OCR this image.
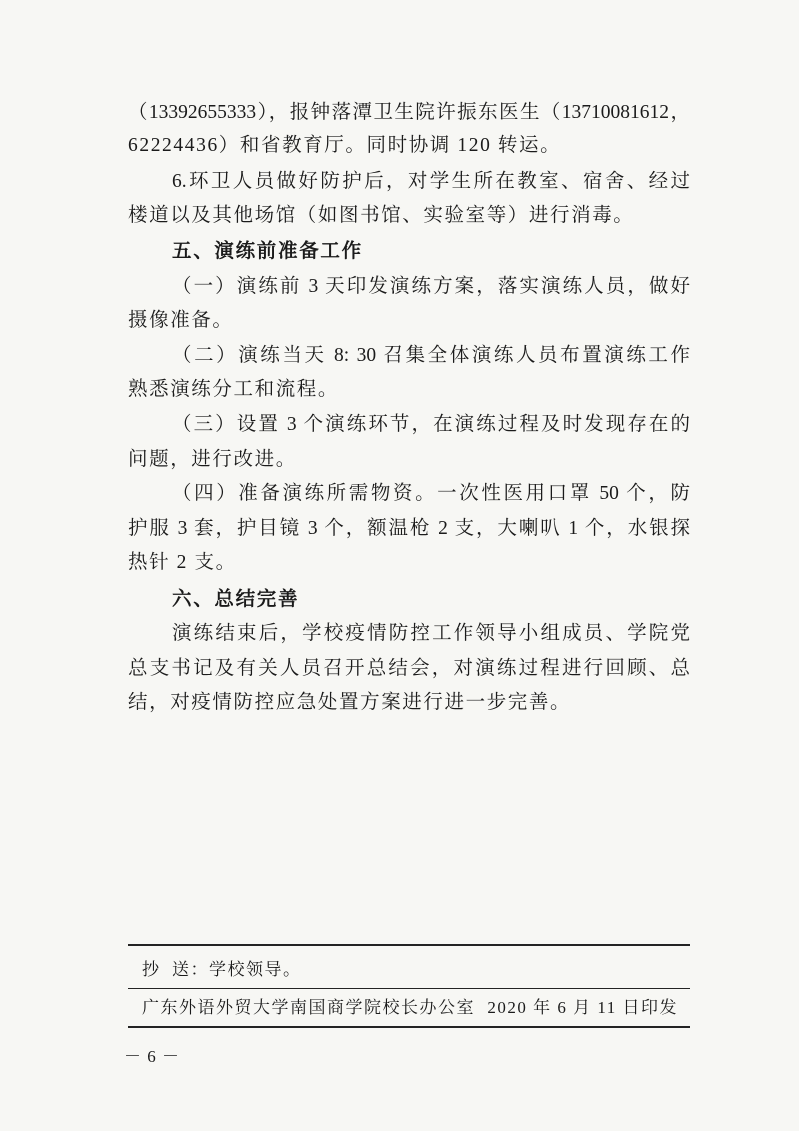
（13392655333），报钟落潭卫生院许振东医生（13710081612，

62224436）和省教育厅。同时协调 120 转运。

6.环卫人员做好防护后，对学生所在教室、宿舍、经过

楼道以及其他场馆（如图书馆、实验室等）进行消毒。

五、演练前准备工作

（一）演练前 3 天印发演练方案，落实演练人员，做好

摄像准备。

（二）演练当天 8: 30 召集全体演练人员布置演练工作

熟悉演练分工和流程。

（三）设置 3 个演练环节，在演练过程及时发现存在的

问题，进行改进。

（四）准备演练所需物资。一次性医用口罩 50 个，防

护服 3 套，护目镜 3 个，额温枪 2 支，大喇叭 1 个，水银探

热针 2 支。

六、总结完善

演练结束后，学校疫情防控工作领导小组成员、学院党

总支书记及有关人员召开总结会，对演练过程进行回顾、总

结，对疫情防控应急处置方案进行进一步完善。

抄  送：学校领导。
广东外语外贸大学南国商学院校长办公室 2020 年 6 月 11 日印发
－ 6 －
